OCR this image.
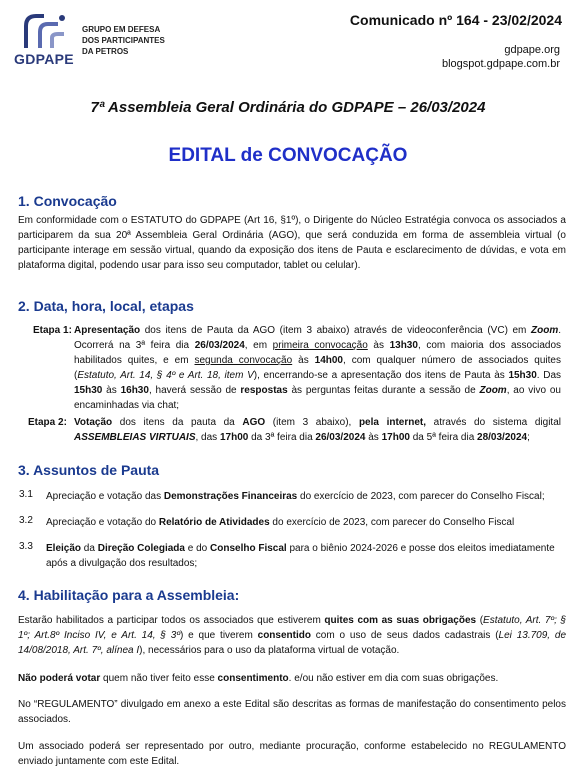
GDPAPE
GRUPO EM DEFESA
DOS PARTICIPANTES
DA PETROS
Comunicado nº 164 - 23/02/2024
gdpape.org
blogspot.gdpape.com.br
7ª Assembleia Geral Ordinária do GDPAPE – 26/03/2024
EDITAL de CONVOCAÇÃO
1. Convocação
Em conformidade com o ESTATUTO do GDPAPE (Art 16, §1º), o Dirigente do Núcleo Estratégia convoca os associados a participarem da sua 20ª Assembleia Geral Ordinária (AGO), que será conduzida em forma de assembleia virtual (o participante interage em sessão virtual, quando da exposição dos itens de Pauta e esclarecimento de dúvidas, e vota em plataforma digital, podendo usar para isso seu computador, tablet ou celular).
2. Data, hora, local, etapas
Etapa 1: Apresentação dos itens de Pauta da AGO (item 3 abaixo) através de videoconferência (VC) em Zoom. Ocorrerá na 3ª feira dia 26/03/2024, em primeira convocação às 13h30, com maioria dos associados habilitados quites, e em segunda convocação às 14h00, com qualquer número de associados quites (Estatuto, Art. 14, § 4º e Art. 18, item V), encerrando-se a apresentação dos itens de Pauta às 15h30. Das 15h30 às 16h30, haverá sessão de respostas às perguntas feitas durante a sessão de Zoom, ao vivo ou encaminhadas via chat;
Etapa 2: Votação dos itens da pauta da AGO (item 3 abaixo), pela internet, através do sistema digital ASSEMBLEIAS VIRTUAIS, das 17h00 da 3ª feira dia 26/03/2024 às 17h00 da 5ª feira dia 28/03/2024;
3. Assuntos de Pauta
3.1 Apreciação e votação das Demonstrações Financeiras do exercício de 2023, com parecer do Conselho Fiscal;
3.2 Apreciação e votação do Relatório de Atividades do exercício de 2023, com parecer do Conselho Fiscal
3.3 Eleição da Direção Colegiada e do Conselho Fiscal para o biênio 2024-2026 e posse dos eleitos imediatamente após a divulgação dos resultados;
4. Habilitação para a Assembleia:
Estarão habilitados a participar todos os associados que estiverem quites com as suas obrigações (Estatuto, Art. 7º; § 1º; Art.8º Inciso IV, e Art. 14, § 3º) e que tiverem consentido com o uso de seus dados cadastrais (Lei 13.709, de 14/08/2018, Art. 7º, alínea I), necessários para o uso da plataforma virtual de votação.
Não poderá votar quem não tiver feito esse consentimento. e/ou não estiver em dia com suas obrigações.
No “REGULAMENTO” divulgado em anexo a este Edital são descritas as formas de manifestação do consentimento pelos associados.
Um associado poderá ser representado por outro, mediante procuração, conforme estabelecido no REGULAMENTO enviado juntamente com este Edital.
